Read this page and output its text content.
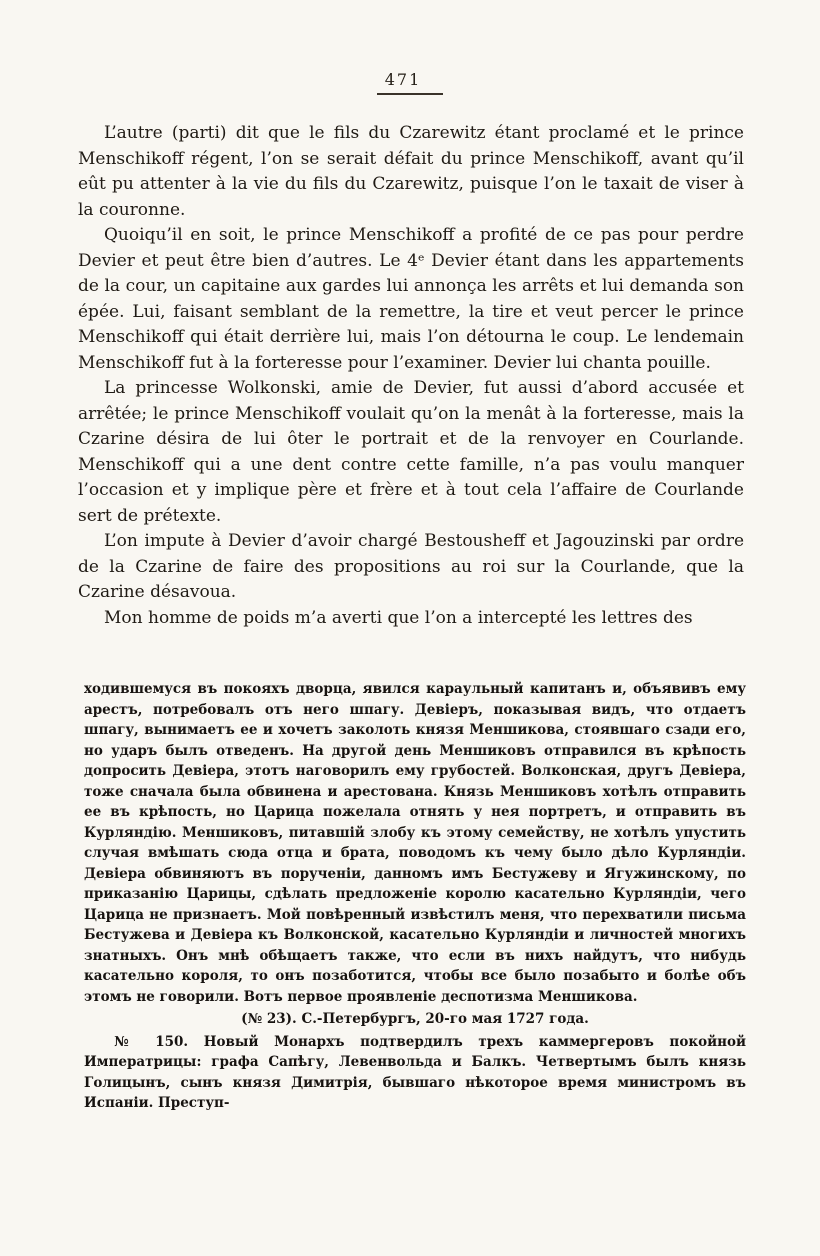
471

L’autre (parti) dit que le fils du Czarewitz étant proclamé et le prince Menschikoff régent, l’on se serait défait du prince Menschikoff, avant qu’il eût pu attenter à la vie du fils du Czarewitz, puisque l’on le taxait de viser à la couronne.

Quoiqu’il en soit, le prince Menschikoff a profité de ce pas pour perdre Devier et peut être bien d’autres. Le 4ᵉ Devier étant dans les appartements de la cour, un capitaine aux gardes lui annonça les arrêts et lui demanda son épée. Lui, faisant semblant de la remettre, la tire et veut percer le prince Menschikoff qui était derrière lui, mais l’on détourna le coup. Le lendemain Menschikoff fut à la forteresse pour l’examiner. Devier lui chanta pouille.

La princesse Wolkonski, amie de Devier, fut aussi d’abord accusée et arrêtée; le prince Menschikoff voulait qu’on la menât à la forteresse, mais la Czarine désira de lui ôter le portrait et de la renvoyer en Courlande. Menschikoff qui a une dent contre cette famille, n’a pas voulu manquer l’occasion et y implique père et frère et à tout cela l’affaire de Courlande sert de prétexte.

L’on impute à Devier d’avoir chargé Bestousheff et Jagouzinski par ordre de la Czarine de faire des propositions au roi sur la Courlande, que la Czarine désavoua.

Mon homme de poids m’a averti que l’on a intercepté les lettres des

ходившемуся въ покояхъ дворца, явился караульный капитанъ и, объявивъ ему арестъ, потребовалъ отъ него шпагу. Девіеръ, показывая видъ, что отдаетъ шпагу, вынимаетъ ее и хочетъ заколоть князя Меншикова, стоявшаго сзади его, но ударъ былъ отведенъ. На другой день Меншиковъ отправился въ крѣпость допросить Девіера, этотъ наговорилъ ему грубостей. Волконская, другъ Девіера, тоже сначала была обвинена и арестована. Князь Меншиковъ хотѣлъ отправить ее въ крѣпость, но Царица пожелала отнять у нея портретъ, и отправить въ Курляндію. Меншиковъ, питавшій злобу къ этому семейству, не хотѣлъ упустить случая вмѣшать сюда отца и брата, поводомъ къ чему было дѣло Курляндіи. Девіера обвиняютъ въ порученіи, данномъ имъ Бестужеву и Ягужинскому, по приказанію Царицы, сдѣлать предложеніе королю касательно Курляндіи, чего Царица не признаетъ. Мой повѣренный извѣстилъ меня, что перехватили письма Бестужева и Девіера къ Волконской, касательно Курляндіи и личностей многихъ знатныхъ. Онъ мнѣ обѣщаетъ также, что если въ нихъ найдутъ, что нибудь касательно короля, то онъ позаботится, чтобы все было позабыто и болѣе объ этомъ не говорили. Вотъ первое проявленіе деспотизма Меншикова.

(№ 23). С.-Петербургъ, 20-го мая 1727 года.

№ 150. Новый Монархъ подтвердилъ трехъ каммергеровъ покойной Императрицы: графа Сапѣгу, Левенвольда и Балкъ. Четвертымъ былъ князь Голицынъ, сынъ князя Димитрія, бывшаго нѣкоторое время министромъ въ Испаніи. Преступ-
